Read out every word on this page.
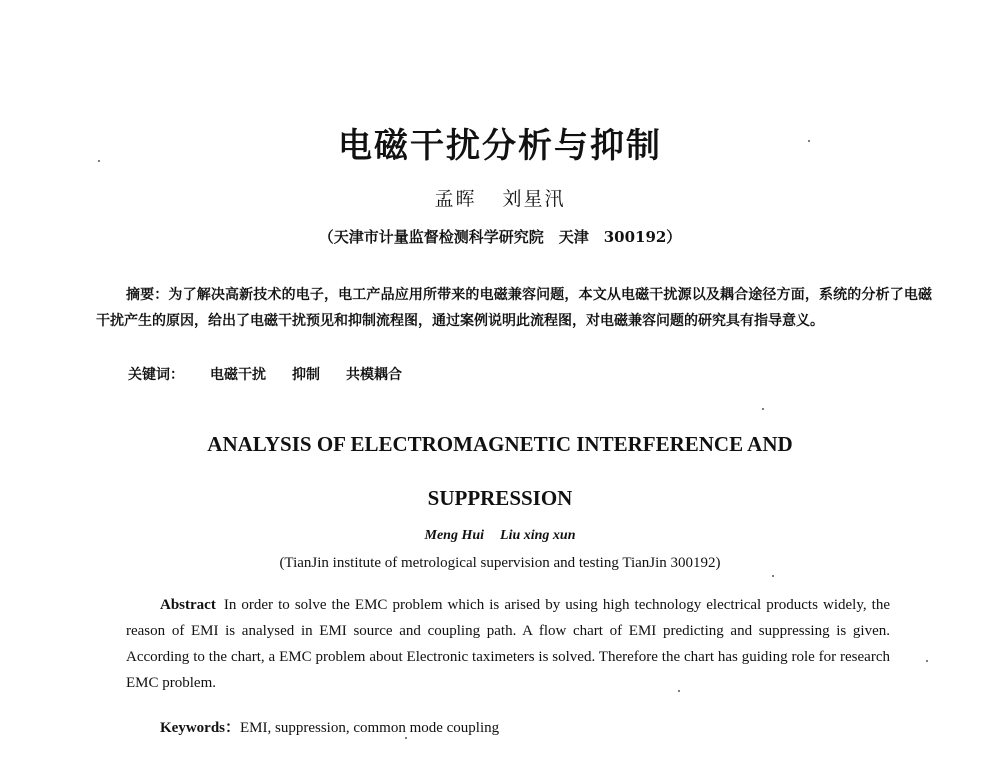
电磁干扰分析与抑制
孟晖 刘星汛
（天津市计量监督检测科学研究院　天津　300192）
摘要：为了解决高新技术的电子，电工产品应用所带来的电磁兼容问题，本文从电磁干扰源以及耦合途径方面，系统的分析了电磁干扰产生的原因，给出了电磁干扰预见和抑制流程图，通过案例说明此流程图，对电磁兼容问题的研究具有指导意义。
关键词： 电磁干扰 抑制 共模耦合
ANALYSIS OF ELECTROMAGNETIC INTERFERENCE AND
SUPPRESSION
Meng Hui Liu xing xun
(TianJin institute of metrological supervision and testing TianJin 300192)
Abstract In order to solve the EMC problem which is arised by using high technology electrical products widely, the reason of EMI is analysed in EMI source and coupling path. A flow chart of EMI predicting and suppressing is given. According to the chart, a EMC problem about Electronic taximeters is solved. Therefore the chart has guiding role for research EMC problem.
Keywords：EMI, suppression, common mode coupling
